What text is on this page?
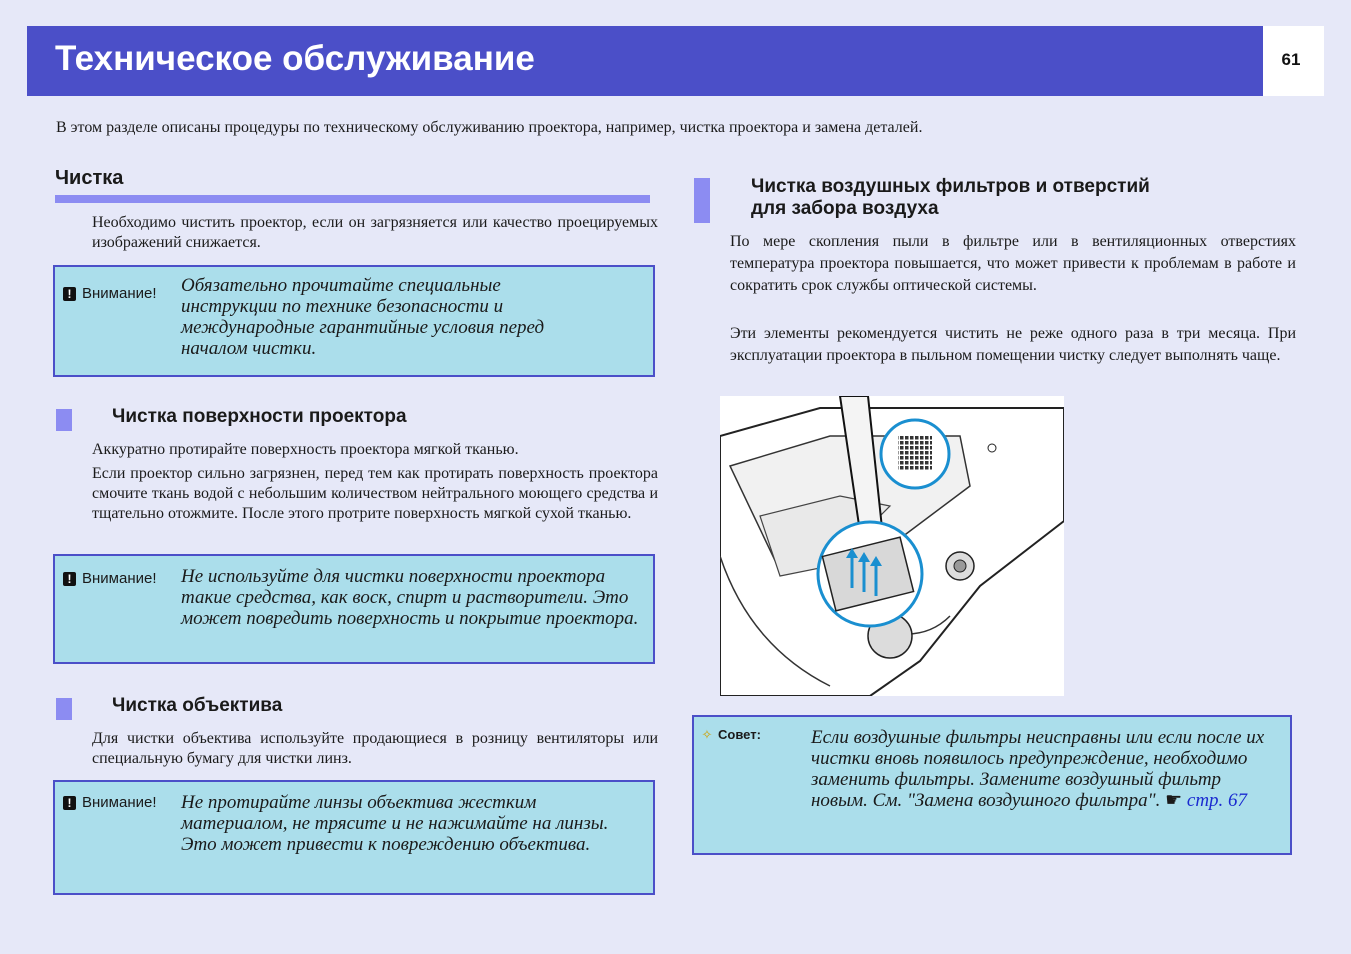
Техническое обслуживание	61
В этом разделе описаны процедуры по техническому обслуживанию проектора, например, чистка проектора и замена деталей.
Чистка

Необходимо чистить проектор, если он загрязняется или качество проецируемых изображений снижается.

! Внимание! Обязательно прочитайте специальные инструкции по технике безопасности и международные гарантийные условия перед началом чистки.
Чистка поверхности проектора

Аккуратно протирайте поверхность проектора мягкой тканью.

Если проектор сильно загрязнен, перед тем как протирать поверхность проектора смочите ткань водой с небольшим количеством нейтрального моющего средства и тщательно отожмите. После этого протрите поверхность мягкой сухой тканью.

! Внимание! Не используйте для чистки поверхности проектора такие средства, как воск, спирт и растворители. Это может повредить поверхность и покрытие проектора.
Чистка объектива

Для чистки объектива используйте продающиеся в розницу вентиляторы или специальную бумагу для чистки линз.

! Внимание! Не протирайте линзы объектива жестким материалом, не трясите и не нажимайте на линзы. Это может привести к повреждению объектива.
Чистка воздушных фильтров и отверстий
для забора воздуха

По мере скопления пыли в фильтре или в вентиляционных отверстиях температура проектора повышается, что может привести к проблемам в работе и сократить срок службы оптической системы.

Эти элементы рекомендуется чистить не реже одного раза в три месяца. При эксплуатации проектора в пыльном помещении чистку следует выполнять чаще.

✧ Совет:	Если воздушные фильтры неисправны или если после их чистки вновь появилось предупреждение, необходимо заменить фильтры. Замените воздушный фильтр новым. См. "Замена воздушного фильтра". ☛ стр. 67
